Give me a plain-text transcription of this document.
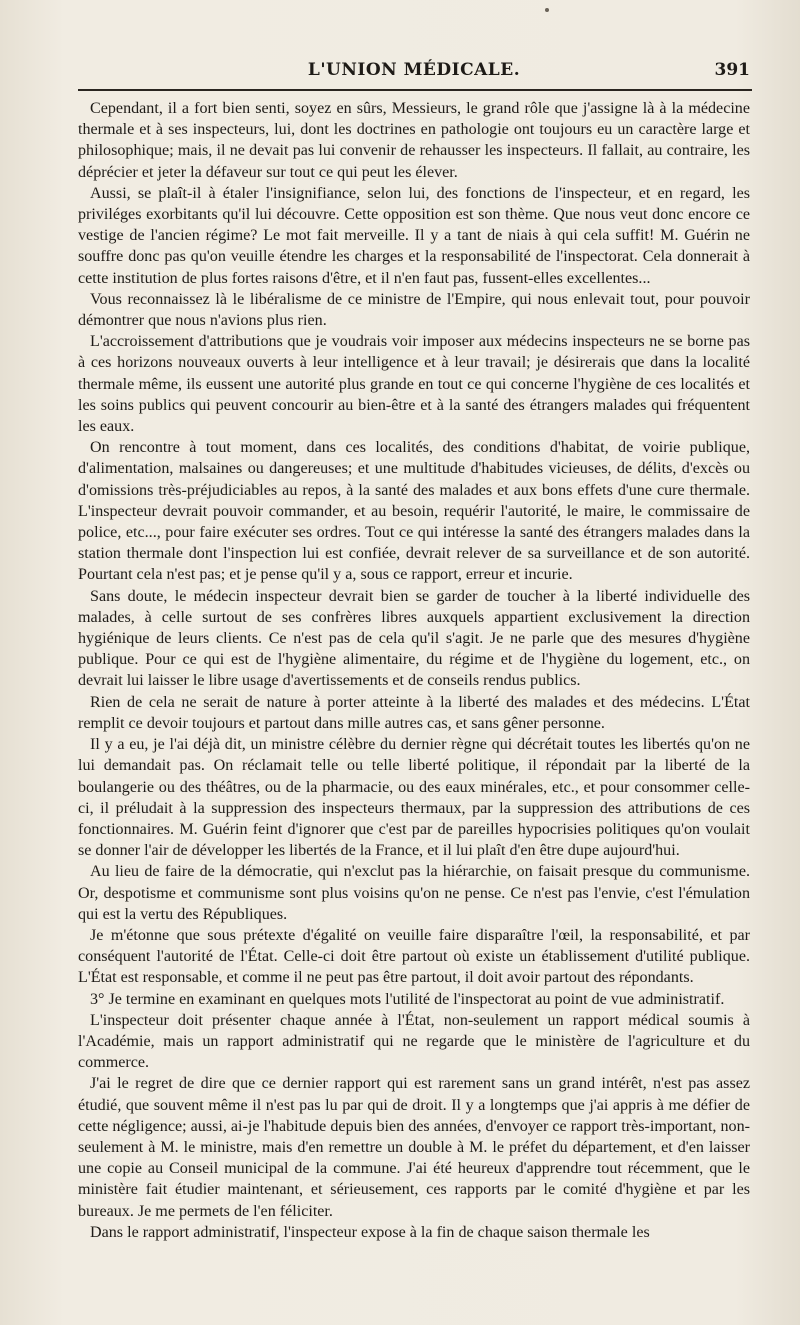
L'UNION MÉDICALE.	391

Cependant, il a fort bien senti, soyez en sûrs, Messieurs, le grand rôle que j'assigne là à la médecine thermale et à ses inspecteurs, lui, dont les doctrines en pathologie ont toujours eu un caractère large et philosophique; mais, il ne devait pas lui convenir de rehausser les inspecteurs. Il fallait, au contraire, les déprécier et jeter la défaveur sur tout ce qui peut les élever.

Aussi, se plaît-il à étaler l'insignifiance, selon lui, des fonctions de l'inspecteur, et en regard, les priviléges exorbitants qu'il lui découvre. Cette opposition est son thème. Que nous veut donc encore ce vestige de l'ancien régime? Le mot fait merveille. Il y a tant de niais à qui cela suffit! M. Guérin ne souffre donc pas qu'on veuille étendre les charges et la responsabilité de l'inspectorat. Cela donnerait à cette institution de plus fortes raisons d'être, et il n'en faut pas, fussent-elles excellentes...

Vous reconnaissez là le libéralisme de ce ministre de l'Empire, qui nous enlevait tout, pour pouvoir démontrer que nous n'avions plus rien.

L'accroissement d'attributions que je voudrais voir imposer aux médecins inspecteurs ne se borne pas à ces horizons nouveaux ouverts à leur intelligence et à leur travail; je désirerais que dans la localité thermale même, ils eussent une autorité plus grande en tout ce qui concerne l'hygiène de ces localités et les soins publics qui peuvent concourir au bien-être et à la santé des étrangers malades qui fréquentent les eaux.

On rencontre à tout moment, dans ces localités, des conditions d'habitat, de voirie publique, d'alimentation, malsaines ou dangereuses; et une multitude d'habitudes vicieuses, de délits, d'excès ou d'omissions très-préjudiciables au repos, à la santé des malades et aux bons effets d'une cure thermale. L'inspecteur devrait pouvoir commander, et au besoin, requérir l'autorité, le maire, le commissaire de police, etc..., pour faire exécuter ses ordres. Tout ce qui intéresse la santé des étrangers malades dans la station thermale dont l'inspection lui est confiée, devrait relever de sa surveillance et de son autorité. Pourtant cela n'est pas; et je pense qu'il y a, sous ce rapport, erreur et incurie.

Sans doute, le médecin inspecteur devrait bien se garder de toucher à la liberté individuelle des malades, à celle surtout de ses confrères libres auxquels appartient exclusivement la direction hygiénique de leurs clients. Ce n'est pas de cela qu'il s'agit. Je ne parle que des mesures d'hygiène publique. Pour ce qui est de l'hygiène alimentaire, du régime et de l'hygiène du logement, etc., on devrait lui laisser le libre usage d'avertissements et de conseils rendus publics.

Rien de cela ne serait de nature à porter atteinte à la liberté des malades et des médecins. L'État remplit ce devoir toujours et partout dans mille autres cas, et sans gêner personne.

Il y a eu, je l'ai déjà dit, un ministre célèbre du dernier règne qui décrétait toutes les libertés qu'on ne lui demandait pas. On réclamait telle ou telle liberté politique, il répondait par la liberté de la boulangerie ou des théâtres, ou de la pharmacie, ou des eaux minérales, etc., et pour consommer celle-ci, il préludait à la suppression des inspecteurs thermaux, par la suppression des attributions de ces fonctionnaires. M. Guérin feint d'ignorer que c'est par de pareilles hypocrisies politiques qu'on voulait se donner l'air de développer les libertés de la France, et il lui plaît d'en être dupe aujourd'hui.

Au lieu de faire de la démocratie, qui n'exclut pas la hiérarchie, on faisait presque du communisme. Or, despotisme et communisme sont plus voisins qu'on ne pense. Ce n'est pas l'envie, c'est l'émulation qui est la vertu des Républiques.

Je m'étonne que sous prétexte d'égalité on veuille faire disparaître l'œil, la responsabilité, et par conséquent l'autorité de l'État. Celle-ci doit être partout où existe un établissement d'utilité publique. L'État est responsable, et comme il ne peut pas être partout, il doit avoir partout des répondants.

3° Je termine en examinant en quelques mots l'utilité de l'inspectorat au point de vue administratif.

L'inspecteur doit présenter chaque année à l'État, non-seulement un rapport médical soumis à l'Académie, mais un rapport administratif qui ne regarde que le ministère de l'agriculture et du commerce.

J'ai le regret de dire que ce dernier rapport qui est rarement sans un grand intérêt, n'est pas assez étudié, que souvent même il n'est pas lu par qui de droit. Il y a longtemps que j'ai appris à me défier de cette négligence; aussi, ai-je l'habitude depuis bien des années, d'envoyer ce rapport très-important, non-seulement à M. le ministre, mais d'en remettre un double à M. le préfet du département, et d'en laisser une copie au Conseil municipal de la commune. J'ai été heureux d'apprendre tout récemment, que le ministère fait étudier maintenant, et sérieusement, ces rapports par le comité d'hygiène et par les bureaux. Je me permets de l'en féliciter.

Dans le rapport administratif, l'inspecteur expose à la fin de chaque saison thermale les
